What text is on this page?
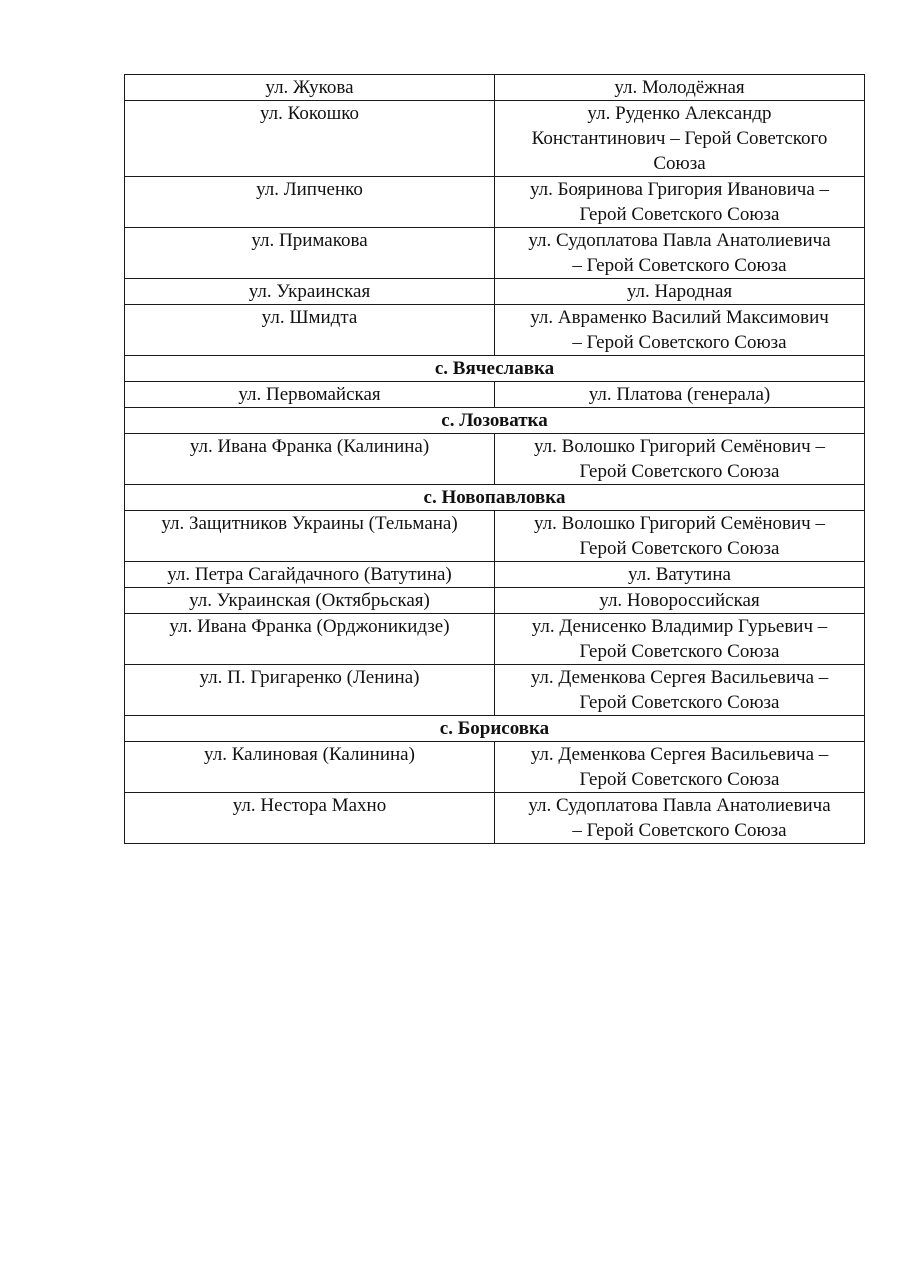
ул. Жукова	ул. Молодёжная
ул. Кокошко	ул. Руденко Александр
Константинович – Герой Советского
Союза
ул. Липченко	ул. Бояринова Григория Ивановича –
Герой Советского Союза
ул. Примакова	ул. Судоплатова Павла Анатолиевича
– Герой Советского Союза
ул. Украинская	ул. Народная
ул. Шмидта	ул. Авраменко Василий Максимович
– Герой Советского Союза
с. Вячеславка	
ул. Первомайская	ул. Платова (генерала)
с. Лозоватка	
ул. Ивана Франка (Калинина)	ул. Волошко Григорий Семёнович –
Герой Советского Союза
с. Новопавловка	
ул. Защитников Украины (Тельмана)	ул. Волошко Григорий Семёнович –
Герой Советского Союза
ул. Петра Сагайдачного (Ватутина)	ул. Ватутина
ул. Украинская (Октябрьская)	ул. Новороссийская
ул. Ивана Франка (Орджоникидзе)	ул. Денисенко Владимир Гурьевич –
Герой Советского Союза
ул. П. Григаренко (Ленина)	ул. Деменкова Сергея Васильевича –
Герой Советского Союза
с. Борисовка	
ул. Калиновая (Калинина)	ул. Деменкова Сергея Васильевича –
Герой Советского Союза
ул. Нестора Махно	ул. Судоплатова Павла Анатолиевича
– Герой Советского Союза
